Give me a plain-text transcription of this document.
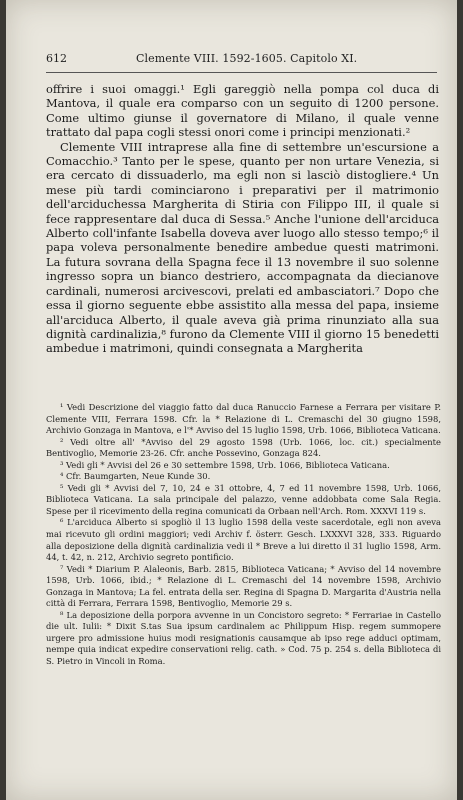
612	Clemente VIII. 1592-1605. Capitolo XI.

offrire i suoi omaggi.¹ Egli gareggiò nella pompa col duca di Mantova, il quale era comparso con un seguito di 1200 persone. Come ultimo giunse il governatore di Milano, il quale venne trattato dal papa cogli stessi onori come i principi menzionati.²

Clemente VIII intraprese alla fine di settembre un'escursione a Comacchio.³ Tanto per le spese, quanto per non urtare Venezia, si era cercato di dissuaderlo, ma egli non si lasciò distogliere.⁴ Un mese più tardi cominciarono i preparativi per il matrimonio dell'arciduchessa Margherita di Stiria con Filippo III, il quale si fece rappresentare dal duca di Sessa.⁵ Anche l'unione dell'arciduca Alberto coll'infante Isabella doveva aver luogo allo stesso tempo;⁶ il papa voleva personalmente benedire ambedue questi matrimoni. La futura sovrana della Spagna fece il 13 novembre il suo solenne ingresso sopra un bianco destriero, accompagnata da diecianove cardinali, numerosi arcivescovi, prelati ed ambasciatori.⁷ Dopo che essa il giorno seguente ebbe assistito alla messa del papa, insieme all'arciduca Alberto, il quale aveva già prima rinunziato alla sua dignità cardinalizia,⁸ furono da Clemente VIII il giorno 15 benedetti ambedue i matrimoni, quindi consegnata a Margherita

¹ Vedi Descrizione del viaggio fatto dal duca Ranuccio Farnese a Ferrara per visitare P. Clemente VIII, Ferrara 1598. Cfr. la * Relazione di L. Cremaschi del 30 giugno 1598, Archivio Gonzaga in Mantova, e l'* Avviso del 15 luglio 1598, Urb. 1066, Biblioteca Vaticana.

² Vedi oltre all' *Avviso del 29 agosto 1598 (Urb. 1066, loc. cit.) specialmente Bentivoglio, Memorie 23-26. Cfr. anche Possevino, Gonzaga 824.

³ Vedi gli * Avvisi del 26 e 30 settembre 1598, Urb. 1066, Biblioteca Vaticana.

⁴ Cfr. Baumgarten, Neue Kunde 30.

⁵ Vedi gli * Avvisi del 7, 10, 24 e 31 ottobre, 4, 7 ed 11 novembre 1598, Urb. 1066, Biblioteca Vaticana. La sala principale del palazzo, venne addobbata come Sala Regia. Spese per il ricevimento della regina comunicati da Orbaan nell'Arch. Rom. XXXVI 119 s.

⁶ L'arciduca Alberto si spogliò il 13 luglio 1598 della veste sacerdotale, egli non aveva mai ricevuto gli ordini maggiori; vedi Archiv f. österr. Gesch. LXXXVI 328, 333. Riguardo alla deposizione della dignità cardinalizia vedi il * Breve a lui diretto il 31 luglio 1598, Arm. 44, t. 42, n. 212, Archivio segreto pontificio.

⁷ Vedi * Diarium P. Alaleonis, Barb. 2815, Biblioteca Vaticana; * Avviso del 14 novembre 1598, Urb. 1066, ibid.; * Relazione di L. Cremaschi del 14 novembre 1598, Archivio Gonzaga in Mantova; La fel. entrata della ser. Regina di Spagna D. Margarita d'Austria nella città di Ferrara, Ferrara 1598, Bentivoglio, Memorie 29 s.

⁸ La deposizione della porpora avvenne in un Concistoro segreto: * Ferrariae in Castello die ult. Iulii: * Dixit S.tas Sua ipsum cardinalem ac Philippum Hisp. regem summopere urgere pro admissione huius modi resignationis causamque ab ipso rege adduci optimam, nempe quia indicat expedire conservationi relig. cath. » Cod. 75 p. 254 s. della Biblioteca di S. Pietro in Vincoli in Roma.
